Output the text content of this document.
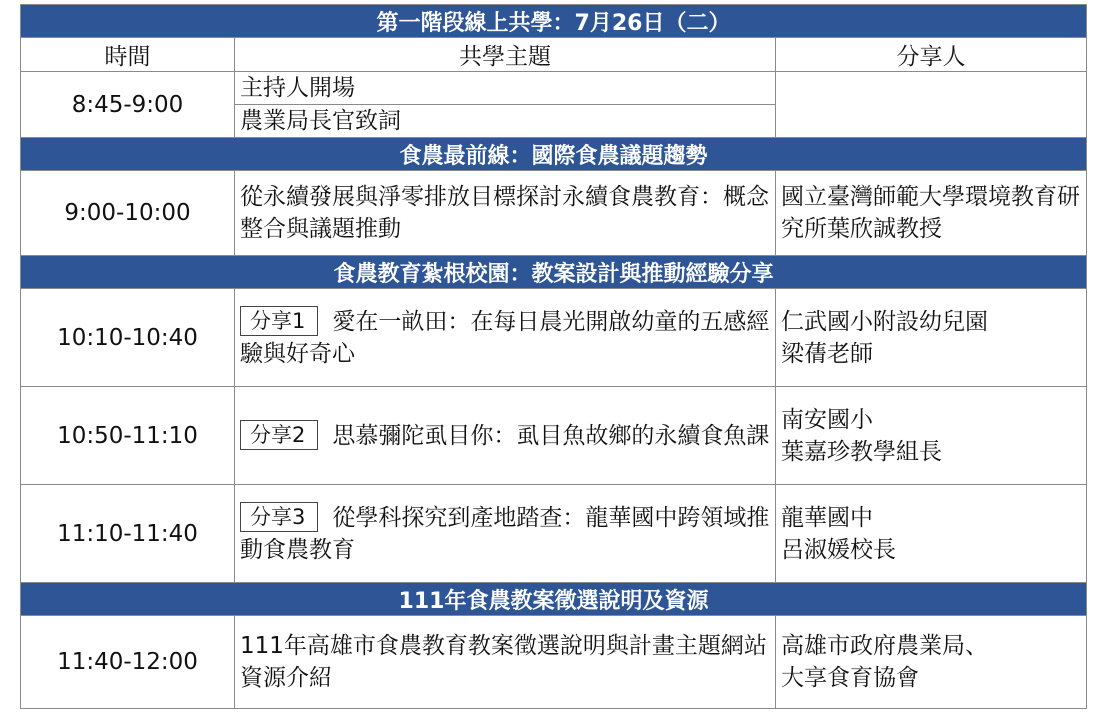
第一階段線上共學：7月26日（二）		
時間	共學主題	分享人
8:45-9:00	主持人開場	
	農業局長官致詞	
食農最前線：國際食農議題趨勢		
9:00-10:00	從永續發展與淨零排放目標探討永續食農教育：概念整合與議題推動	國立臺灣師範大學環境教育研究所葉欣誠教授
食農教育紮根校園：教案設計與推動經驗分享		
10:10-10:40	分享1 愛在一畝田：在每日晨光開啟幼童的五感經驗與好奇心	仁武國小附設幼兒園
梁蒨老師

10:50-11:10	分享2 思慕彌陀虱目你：虱目魚故鄉的永續食魚課	南安國小
葉嘉珍教學組長

11:10-11:40	分享3 從學科探究到產地踏查：龍華國中跨領域推動食農教育	龍華國中
呂淑媛校長

111年食農教案徵選說明及資源		
11:40-12:00	111年高雄市食農教育教案徵選說明與計畫主題網站資源介紹	高雄市政府農業局、
大享食育協會
